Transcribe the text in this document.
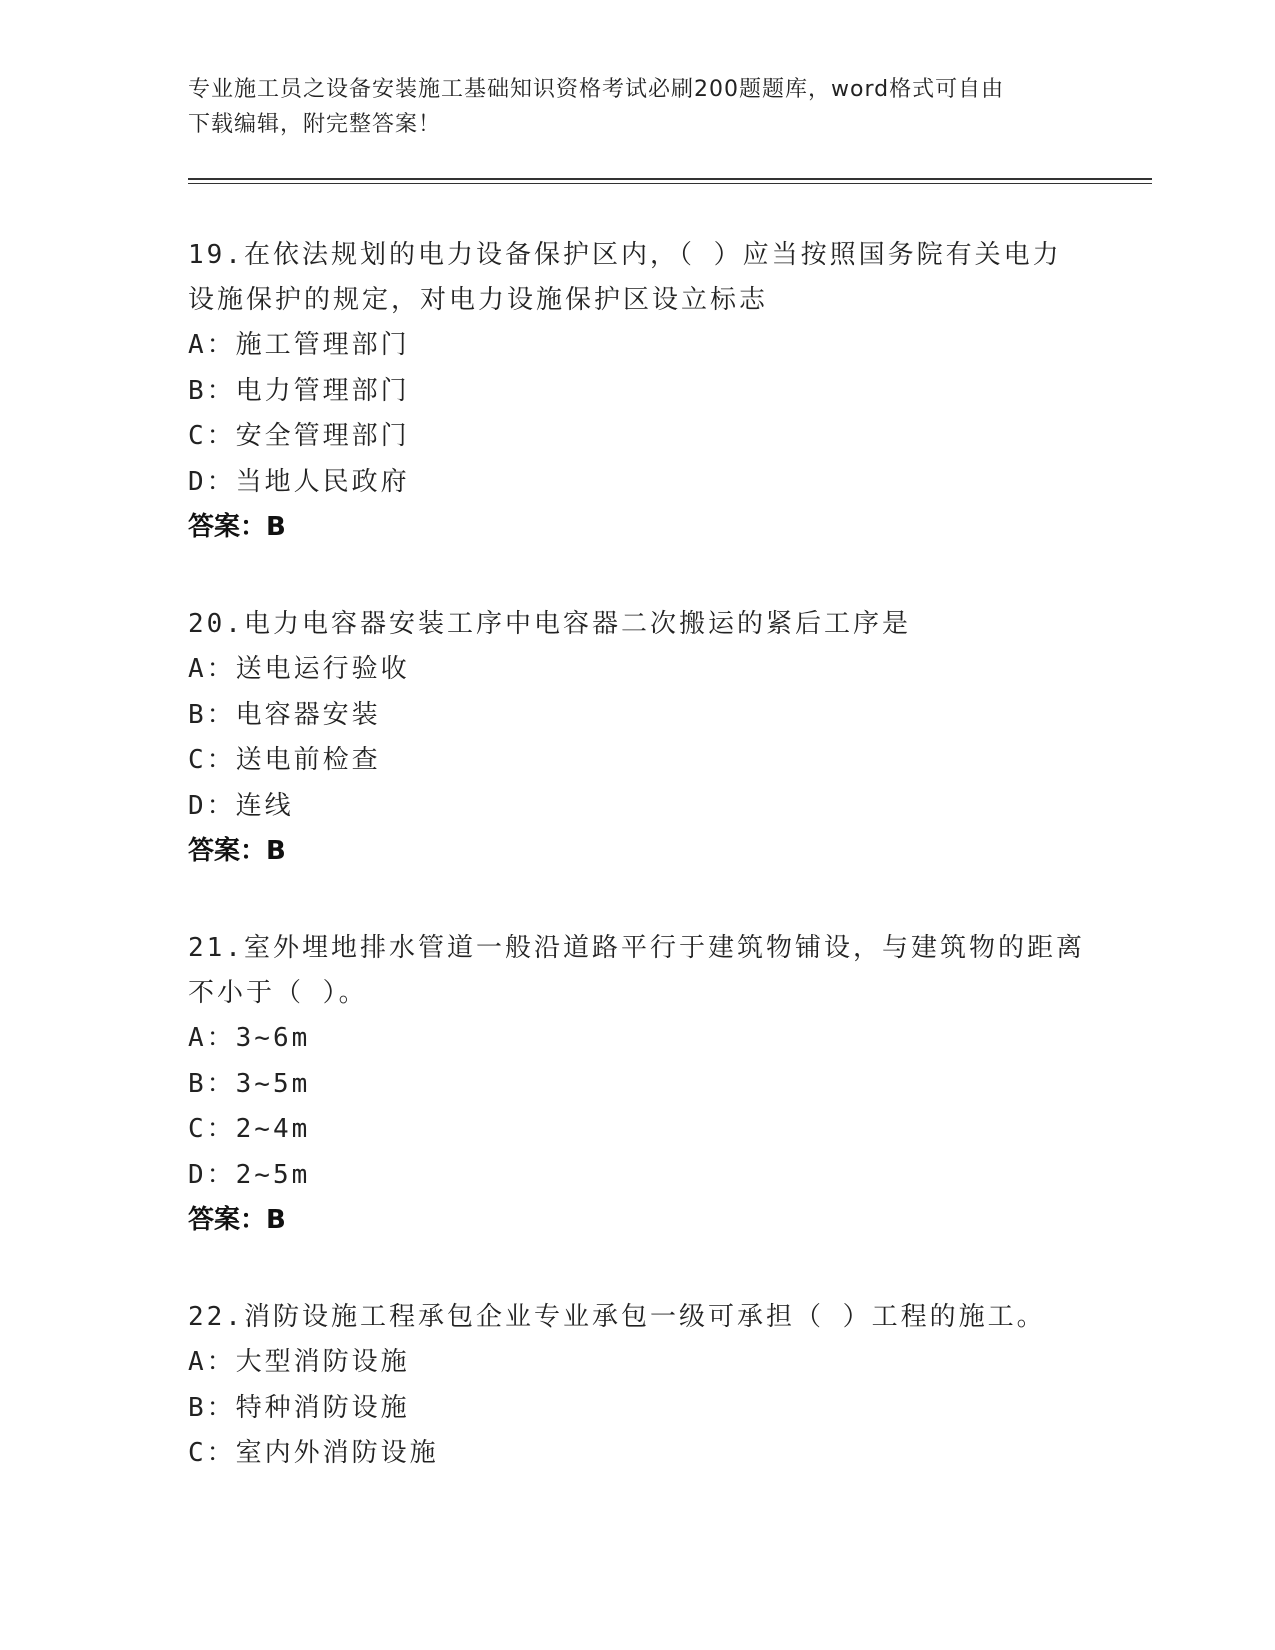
专业施工员之设备安装施工基础知识资格考试必刷200题题库，word格式可自由
下载编辑，附完整答案！

19.在依法规划的电力设备保护区内，（ ）应当按照国务院有关电力

设施保护的规定，对电力设施保护区设立标志

A：施工管理部门

B：电力管理部门

C：安全管理部门

D：当地人民政府

答案：B

20.电力电容器安装工序中电容器二次搬运的紧后工序是

A：送电运行验收

B：电容器安装

C：送电前检查

D：连线

答案：B

21.室外埋地排水管道一般沿道路平行于建筑物铺设，与建筑物的距离

不小于（ ）。

A：3~6m

B：3~5m

C：2~4m

D：2~5m

答案：B

22.消防设施工程承包企业专业承包一级可承担（ ）工程的施工。

A：大型消防设施

B：特种消防设施

C：室内外消防设施
